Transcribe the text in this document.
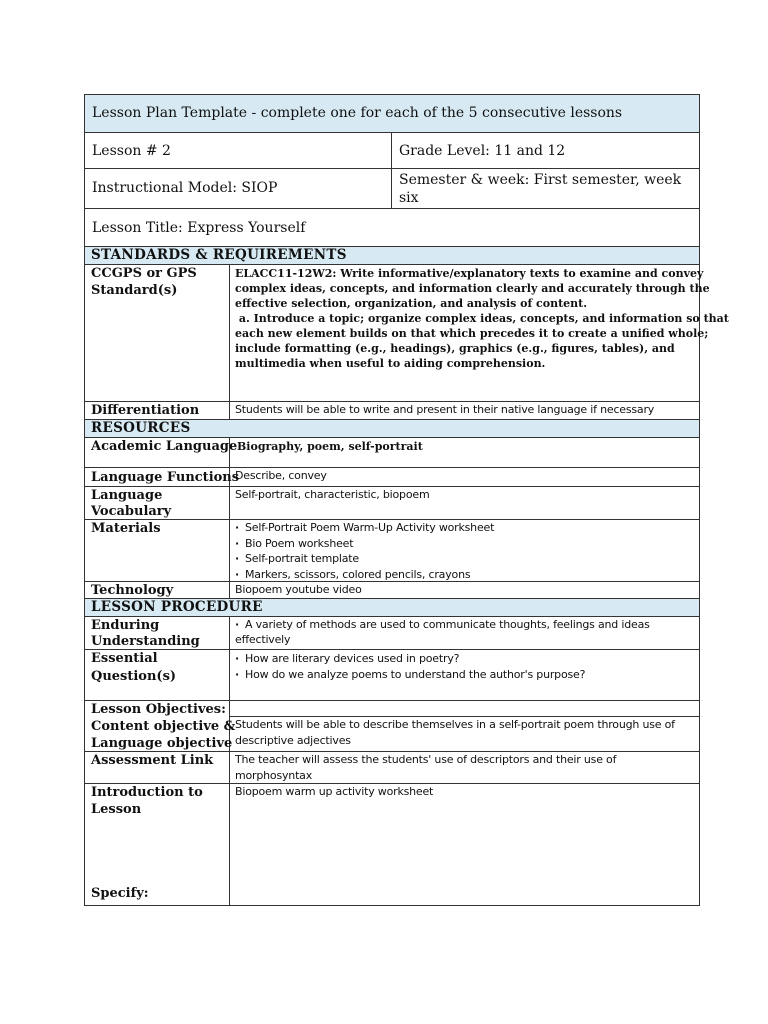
Lesson Plan Template - complete one for each of the 5 consecutive lessons
Lesson # 2	Grade Level: 11 and 12
Instructional Model: SIOP	Semester & week: First semester, week
six
Lesson Title: Express Yourself
STANDARDS & REQUIREMENTS
CCGPS or GPS
Standard(s)
ELACC11-12W2: Write informative/explanatory texts to examine and convey
complex ideas, concepts, and information clearly and accurately through the
effective selection, organization, and analysis of content.
a. Introduce a topic; organize complex ideas, concepts, and information so that
each new element builds on that which precedes it to create a unified whole;
include formatting (e.g., headings), graphics (e.g., figures, tables), and
multimedia when useful to aiding comprehension.
Differentiation	Students will be able to write and present in their native language if necessary
RESOURCES
Academic Language Biography, poem, self-portrait
Language Functions
Describe, convey
Language
Vocabulary
Self-portrait, characteristic, biopoem
Materials
·	Self-Portrait Poem Warm-Up Activity worksheet
· Bio Poem worksheet
· Self-portrait template
· Markers, scissors, colored pencils, crayons
Technology	Biopoem youtube video
LESSON PROCEDURE
Enduring
Understanding
· A variety of methods are used to communicate thoughts, feelings and ideas
effectively
Essential
Question(s)
· How are literary devices used in poetry?
· How do we analyze poems to understand the author's purpose?
Lesson Objectives:
Content objective &
Language objective
Students will be able to describe themselves in a self-portrait poem through use of
descriptive adjectives
Assessment Link The teacher will assess the students' use of descriptors and their use of
morphosyntax
Introduction to
Lesson
Biopoem warm up activity worksheet
Specify:
